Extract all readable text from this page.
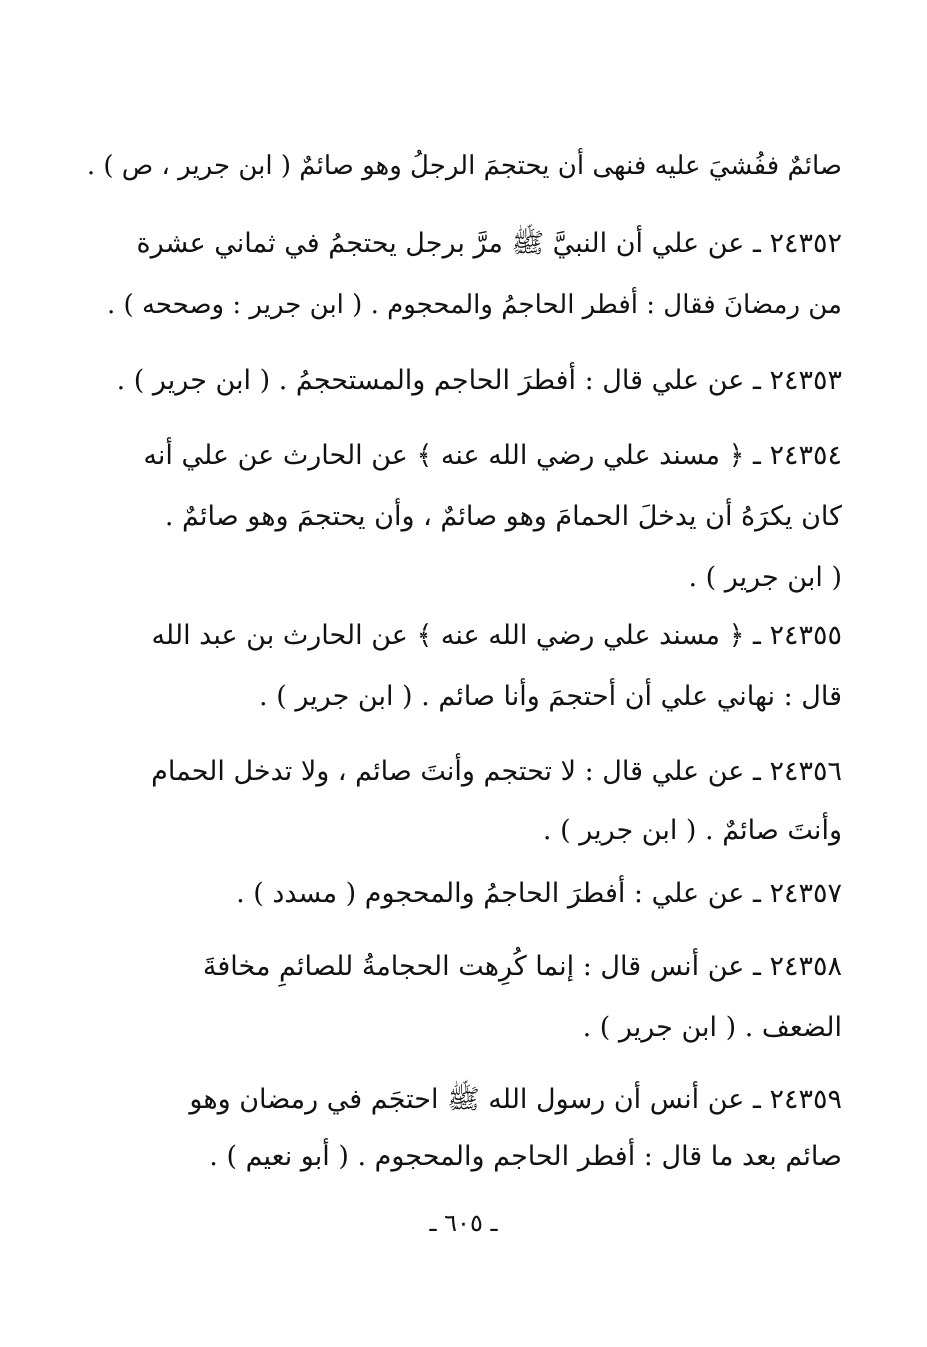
صائمٌ ففُشيَ عليه فنهى أن يحتجمَ الرجلُ وهو صائمٌ ( ابن جرير ، ص ) .
٢٤٣٥٢ ـ عن علي أن النبيَّ ﷺ مرَّ برجل يحتجمُ في ثماني عشرة
من رمضانَ فقال : أفطر الحاجمُ والمحجوم . ( ابن جرير : وصححه ) .
٢٤٣٥٣ ـ عن علي قال : أفطرَ الحاجم والمستحجمُ . ( ابن جرير ) .
٢٤٣٥٤ ـ ﴿ مسند علي رضي الله عنه ﴾ عن الحارث عن علي أنه
كان يكرَهُ أن يدخلَ الحمامَ وهو صائمٌ ، وأن يحتجمَ وهو صائمٌ .
( ابن جرير ) .
٢٤٣٥٥ ـ ﴿ مسند علي رضي الله عنه ﴾ عن الحارث بن عبد الله
قال : نهاني علي أن أحتجمَ وأنا صائم . ( ابن جرير ) .
٢٤٣٥٦ ـ عن علي قال : لا تحتجم وأنتَ صائم ، ولا تدخل الحمام
وأنتَ صائمٌ . ( ابن جرير ) .
٢٤٣٥٧ ـ عن علي : أفطرَ الحاجمُ والمحجوم ( مسدد ) .
٢٤٣٥٨ ـ عن أنس قال : إنما كُرِهت الحجامةُ للصائمِ مخافةَ
الضعف . ( ابن جرير ) .
٢٤٣٥٩ ـ عن أنس أن رسول الله ﷺ احتجَم في رمضان وهو
صائم بعد ما قال : أفطر الحاجم والمحجوم . ( أبو نعيم ) .
ـ ٦٠٥ ـ
